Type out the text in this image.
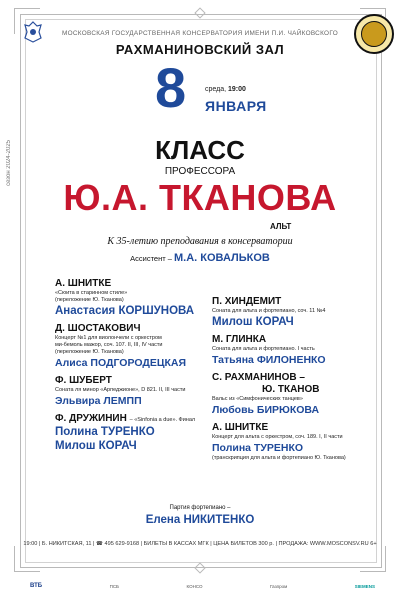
сезон 2024-2025
МОСКОВСКАЯ ГОСУДАРСТВЕННАЯ КОНСЕРВАТОРИЯ ИМЕНИ П.И. ЧАЙКОВСКОГО
РАХМАНИНОВСКИЙ ЗАЛ
8	среда, 19:00
ЯНВАРЯ
КЛАСС
ПРОФЕССОРА
Ю.А. ТКАНОВА
АЛЬТ
К 35-летию преподавания в консерватории
Ассистент – М.А. КОВАЛЬКОВ
А. ШНИТКЕ
«Сюита в старинном стиле»
(переложение Ю. Тканова)
Анастасия КОРШУНОВА
Д. ШОСТАКОВИЧ
Концерт №1 для виолончели с оркестром
ми-бемоль мажор, соч. 107. II, III, IV части
(переложение Ю. Тканова)
Алиса ПОДГОРОДЕЦКАЯ
Ф. ШУБЕРТ
Соната ля минор «Арпеджионе», D 821. II, III части
Эльвира ЛЕМПП
Ф. ДРУЖИНИН – «Sinfonia a due». Финал
Полина ТУРЕНКО
Милош КОРАЧ
П. ХИНДЕМИТ
Соната для альта и фортепиано, соч. 11 №4
Милош КОРАЧ
М. ГЛИНКА
Соната для альта и фортепиано. I часть
Татьяна ФИЛОНЕНКО
С. РАХМАНИНОВ –
Ю. ТКАНОВ
Вальс из «Симфонических танцев»
Любовь БИРЮКОВА
А. ШНИТКЕ
Концерт для альта с оркестром, соч. 189. I, II части
Полина ТУРЕНКО
(транскрипция для альта и фортепиано Ю. Тканова)
Партия фортепиано –
Елена НИКИТЕНКО
19:00 | Б. НИКИТСКАЯ, 11 | ☎ 495 629-9168 | БИЛЕТЫ В КАССАХ МГК | ЦЕНА БИЛЕТОВ 300 р. | ПРОДАЖА: WWW.MOSCONSV.RU 6+
ВТБ	ПСБ	КОНСО	Газпром	SIEMENS
